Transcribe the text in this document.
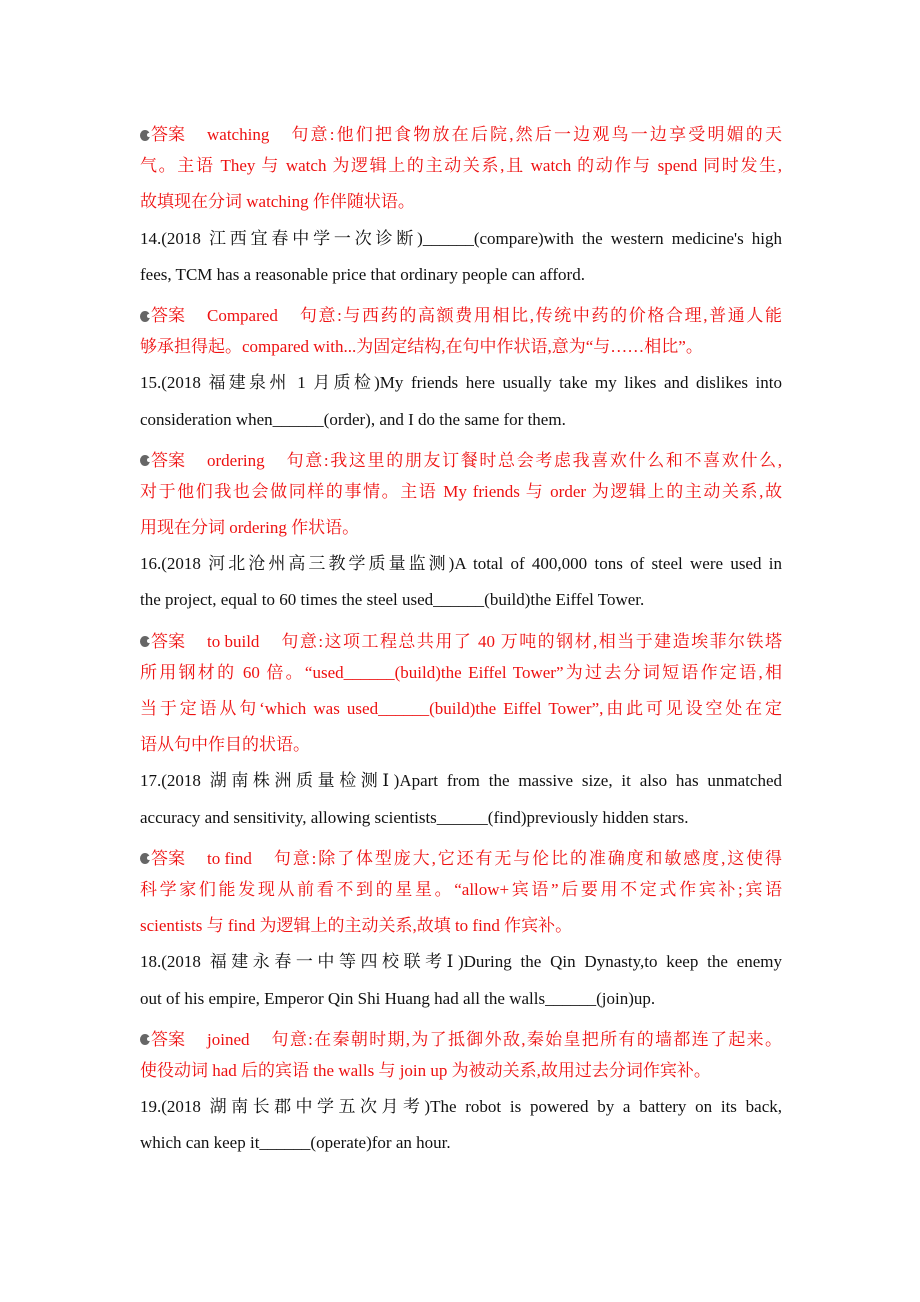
答案 watching 句意:他们把食物放在后院,然后一边观鸟一边享受明媚的天
气。主语 They 与 watch 为逻辑上的主动关系,且 watch 的动作与 spend 同时发生,
故填现在分词 watching 作伴随状语。
14.(2018 江西宜春中学一次诊断)______(compare)with the western medicine's high
fees, TCM has a reasonable price that ordinary people can afford.
答案 Compared 句意:与西药的高额费用相比,传统中药的价格合理,普通人能
够承担得起。compared with...为固定结构,在句中作状语,意为“与……相比”。
15.(2018 福建泉州 1 月质检)My friends here usually take my likes and dislikes into
consideration when______(order), and I do the same for them.
答案 ordering 句意:我这里的朋友订餐时总会考虑我喜欢什么和不喜欢什么,
对于他们我也会做同样的事情。主语 My friends 与 order 为逻辑上的主动关系,故
用现在分词 ordering 作状语。
16.(2018 河北沧州高三教学质量监测)A total of 400,000 tons of steel were used in
the project, equal to 60 times the steel used______(build)the Eiffel Tower.
答案 to build 句意:这项工程总共用了 40 万吨的钢材,相当于建造埃菲尔铁塔
所用钢材的 60 倍。“used______(build)the Eiffel Tower”为过去分词短语作定语,相
当于定语从句‘which was used______(build)the Eiffel Tower”,由此可见设空处在定
语从句中作目的状语。
17.(2018 湖南株洲质量检测Ⅰ)Apart from the massive size, it also has unmatched
accuracy and sensitivity, allowing scientists______(find)previously hidden stars.
答案 to find 句意:除了体型庞大,它还有无与伦比的准确度和敏感度,这使得
科学家们能发现从前看不到的星星。“allow+宾语”后要用不定式作宾补;宾语
scientists 与 find 为逻辑上的主动关系,故填 to find 作宾补。
18.(2018 福建永春一中等四校联考Ⅰ)During the Qin Dynasty,to keep the enemy
out of his empire, Emperor Qin Shi Huang had all the walls______(join)up.
答案 joined 句意:在秦朝时期,为了抵御外敌,秦始皇把所有的墙都连了起来。
使役动词 had 后的宾语 the walls 与 join up 为被动关系,故用过去分词作宾补。
19.(2018 湖南长郡中学五次月考)The robot is powered by a battery on its back,
which can keep it______(operate)for an hour.
